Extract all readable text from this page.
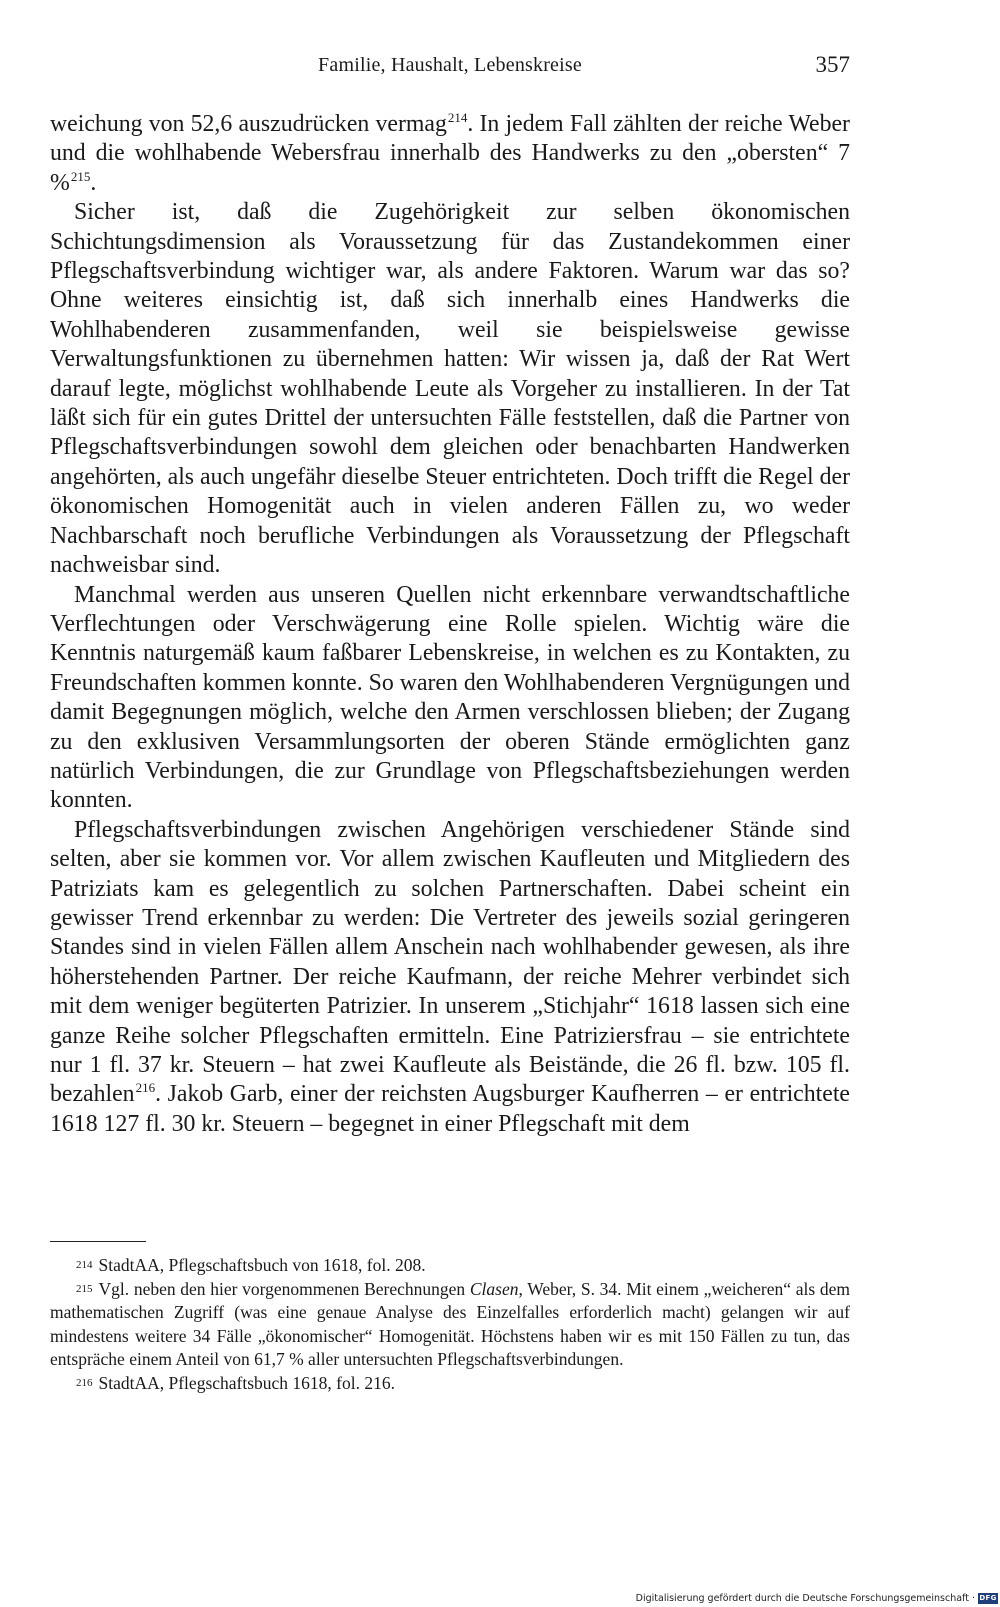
Familie, Haushalt, Lebenskreise	357

weichung von 52,6 auszudrücken vermag$^{214}$. In jedem Fall zählten der reiche Weber und die wohlhabende Webersfrau innerhalb des Handwerks zu den „obersten“ 7 %$^{215}$.

Sicher ist, daß die Zugehörigkeit zur selben ökonomischen Schichtungsdimension als Voraussetzung für das Zustandekommen einer Pflegschaftsverbindung wichtiger war, als andere Faktoren. Warum war das so? Ohne weiteres einsichtig ist, daß sich innerhalb eines Handwerks die Wohlhabenderen zusammenfanden, weil sie beispielsweise gewisse Verwaltungsfunktionen zu übernehmen hatten: Wir wissen ja, daß der Rat Wert darauf legte, möglichst wohlhabende Leute als Vorgeher zu installieren. In der Tat läßt sich für ein gutes Drittel der untersuchten Fälle feststellen, daß die Partner von Pflegschaftsverbindungen sowohl dem gleichen oder benachbarten Handwerken angehörten, als auch ungefähr dieselbe Steuer entrichteten. Doch trifft die Regel der ökonomischen Homogenität auch in vielen anderen Fällen zu, wo weder Nachbarschaft noch berufliche Verbindungen als Voraussetzung der Pflegschaft nachweisbar sind.

Manchmal werden aus unseren Quellen nicht erkennbare verwandtschaftliche Verflechtungen oder Verschwägerung eine Rolle spielen. Wichtig wäre die Kenntnis naturgemäß kaum faßbarer Lebenskreise, in welchen es zu Kontakten, zu Freundschaften kommen konnte. So waren den Wohlhabenderen Vergnügungen und damit Begegnungen möglich, welche den Armen verschlossen blieben; der Zugang zu den exklusiven Versammlungsorten der oberen Stände ermöglichten ganz natürlich Verbindungen, die zur Grundlage von Pflegschaftsbeziehungen werden konnten.

Pflegschaftsverbindungen zwischen Angehörigen verschiedener Stände sind selten, aber sie kommen vor. Vor allem zwischen Kaufleuten und Mitgliedern des Patriziats kam es gelegentlich zu solchen Partnerschaften. Dabei scheint ein gewisser Trend erkennbar zu werden: Die Vertreter des jeweils sozial geringeren Standes sind in vielen Fällen allem Anschein nach wohlhabender gewesen, als ihre höherstehenden Partner. Der reiche Kaufmann, der reiche Mehrer verbindet sich mit dem weniger begüterten Patrizier. In unserem „Stichjahr“ 1618 lassen sich eine ganze Reihe solcher Pflegschaften ermitteln. Eine Patriziersfrau – sie entrichtete nur 1 fl. 37 kr. Steuern – hat zwei Kaufleute als Beistände, die 26 fl. bzw. 105 fl. bezahlen$^{216}$. Jakob Garb, einer der reichsten Augsburger Kaufherren – er entrichtete 1618 127 fl. 30 kr. Steuern – begegnet in einer Pflegschaft mit dem

214 StadtAA, Pflegschaftsbuch von 1618, fol. 208.

215 Vgl. neben den hier vorgenommenen Berechnungen Clasen, Weber, S. 34. Mit einem „weicheren“ als dem mathematischen Zugriff (was eine genaue Analyse des Einzelfalles erforderlich macht) gelangen wir auf mindestens weitere 34 Fälle „ökonomischer“ Homogenität. Höchstens haben wir es mit 150 Fällen zu tun, das entspräche einem Anteil von 61,7 % aller untersuchten Pflegschaftsverbindungen.

216 StadtAA, Pflegschaftsbuch 1618, fol. 216.

Digitalisierung gefördert durch die Deutsche Forschungsgemeinschaft · DFG
